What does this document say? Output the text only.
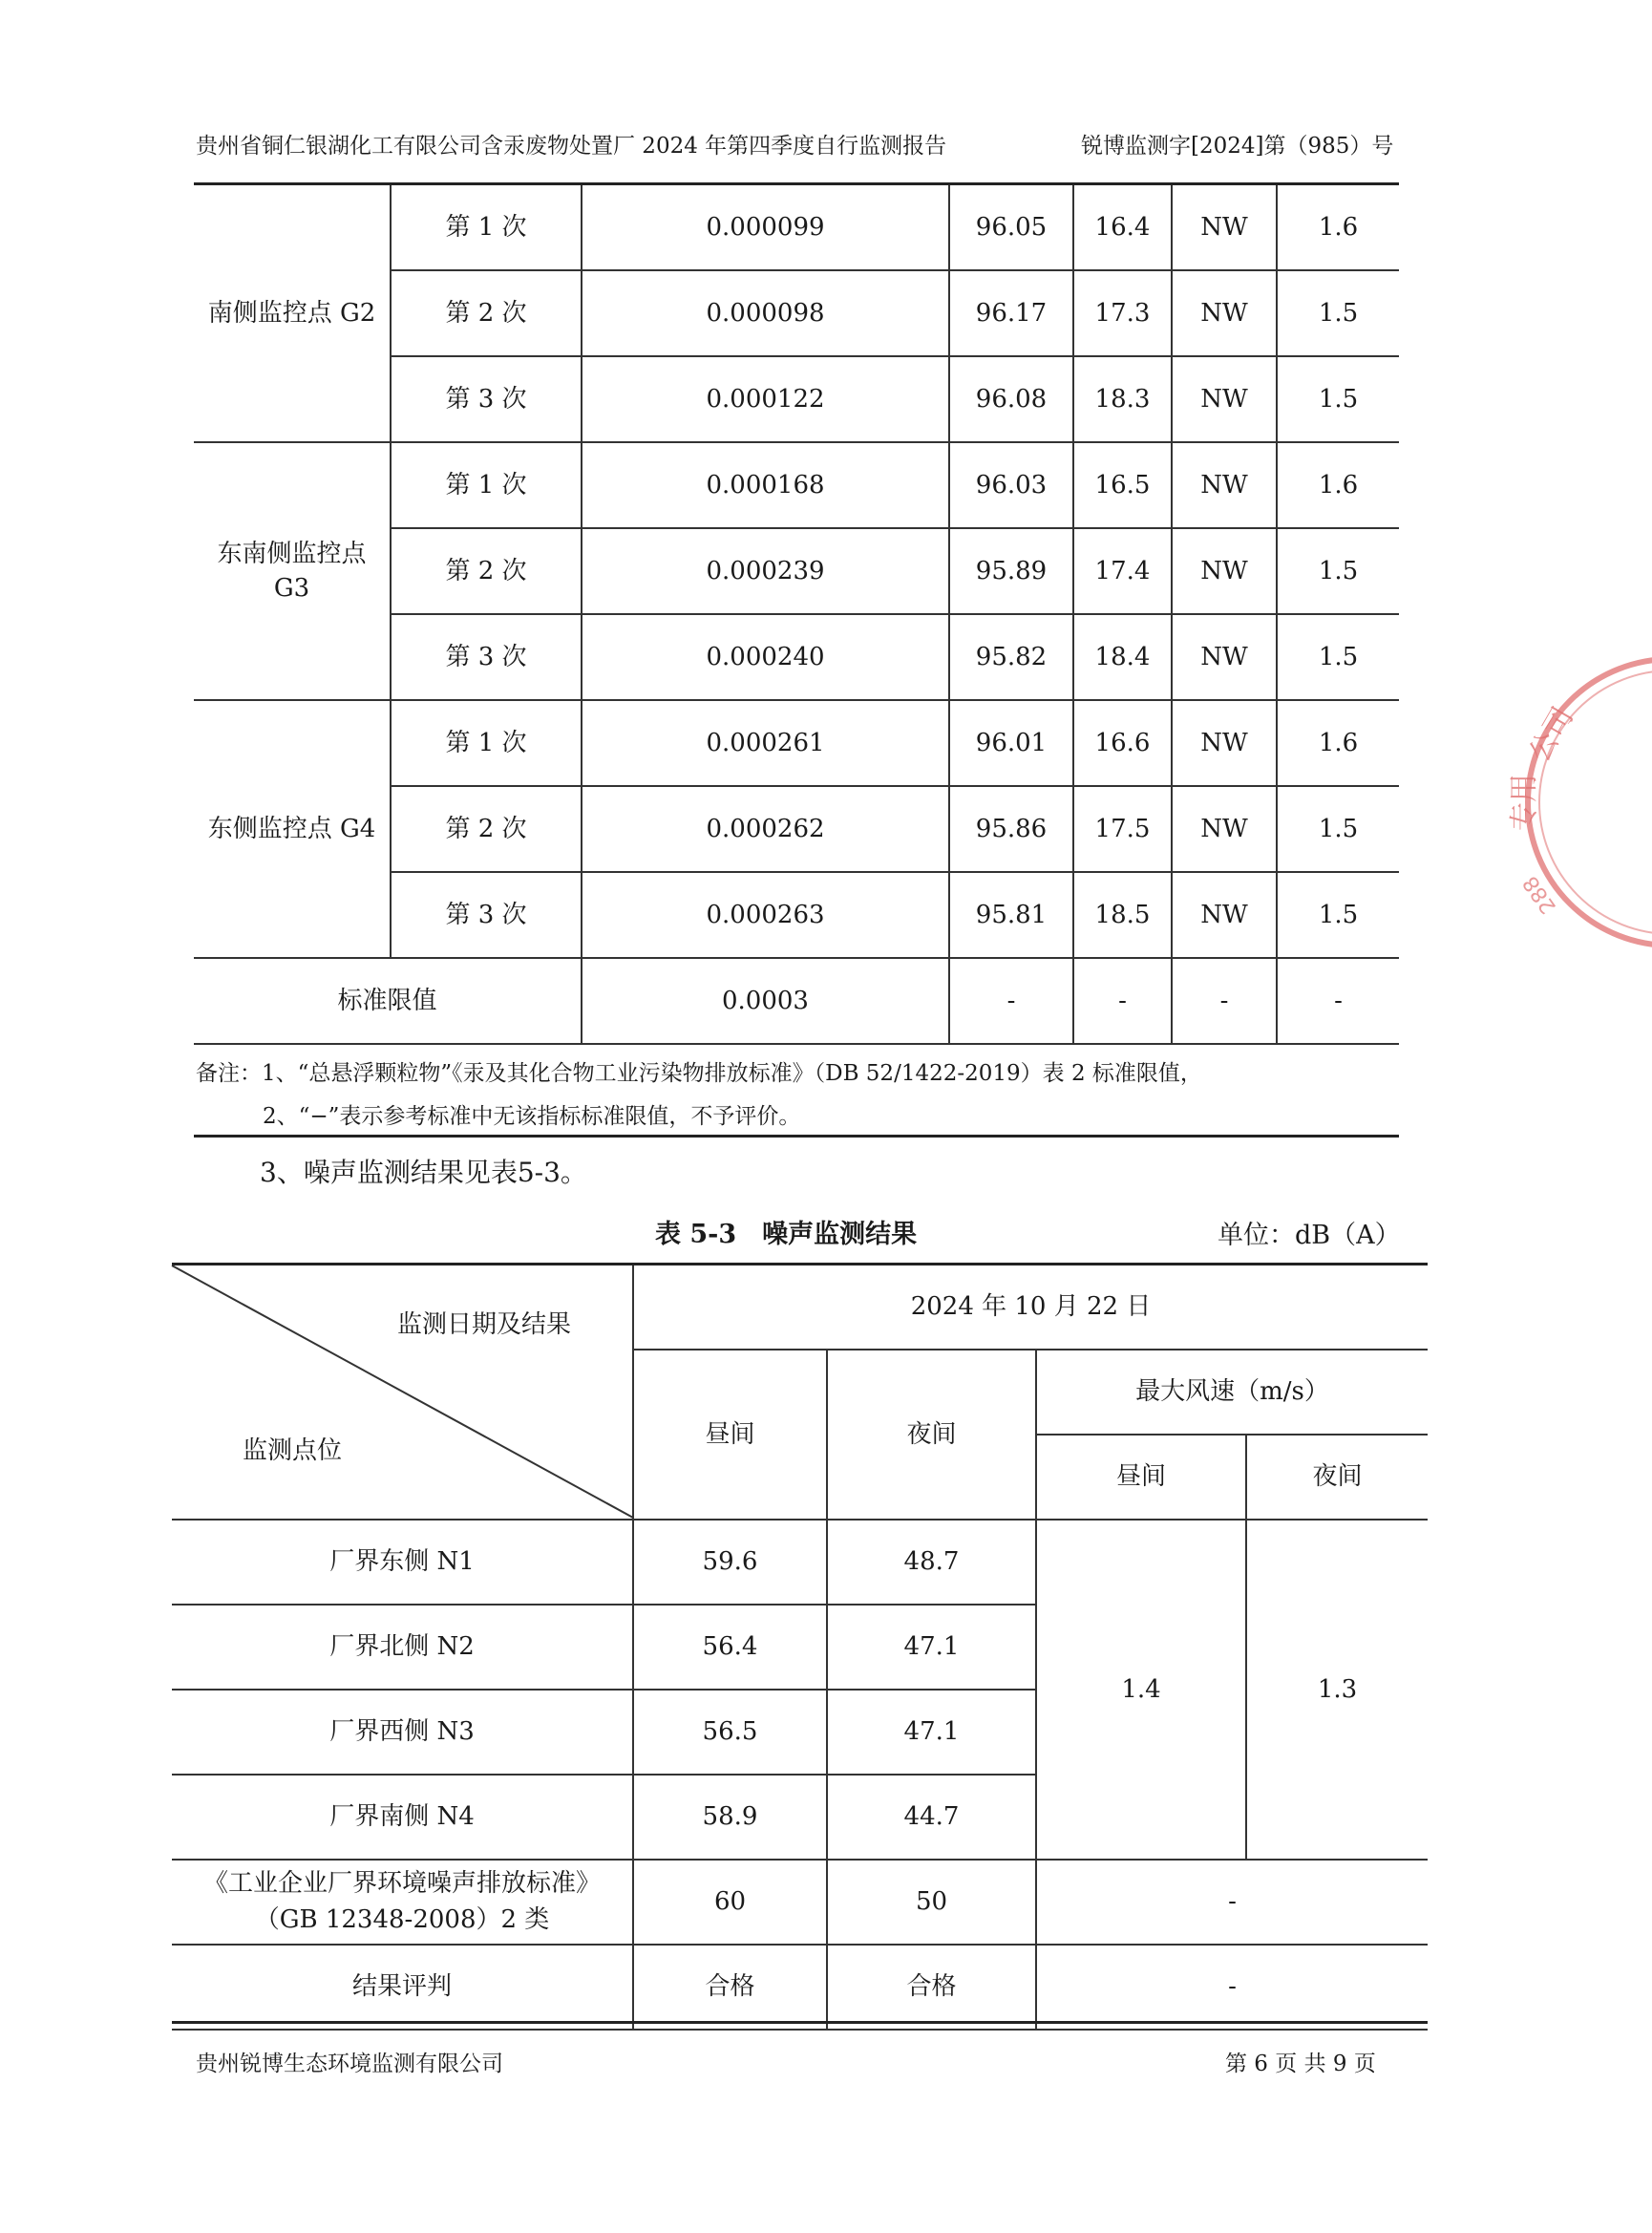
贵州省铜仁银湖化工有限公司含汞废物处置厂 2024 年第四季度自行监测报告	锐博监测字[2024]第（985）号
南侧监控点 G2	第 1 次	0.000099	96.05	16.4	NW	1.6
	第 2 次	0.000098	96.17	17.3	NW	1.5
	第 3 次	0.000122	96.08	18.3	NW	1.5
东南侧监控点 G3	第 1 次	0.000168	96.03	16.5	NW	1.6
	第 2 次	0.000239	95.89	17.4	NW	1.5
	第 3 次	0.000240	95.82	18.4	NW	1.5
东侧监控点 G4	第 1 次	0.000261	96.01	16.6	NW	1.6
	第 2 次	0.000262	95.86	17.5	NW	1.5
	第 3 次	0.000263	95.81	18.5	NW	1.5
标准限值		0.0003	-	-	-	-
备注：1、“总悬浮颗粒物”《汞及其化合物工业污染物排放标准》（DB 52/1422-2019）表 2 标准限值，
2、“−”表示参考标准中无该指标标准限值，不予评价。
3、噪声监测结果见表5-3。
表 5-3　噪声监测结果	单位：dB（A）
监测日期及结果
监测点位	2024 年 10 月 22 日			
	昼间	夜间	最大风速（m/s）	
			昼间	夜间
厂界东侧 N1	59.6	48.7	1.4	1.3
厂界北侧 N2	56.4	47.1		
厂界西侧 N3	56.5	47.1		
厂界南侧 N4	58.9	44.7		
《工业企业厂界环境噪声排放标准》（GB 12348-2008）2 类	60	50	-	
结果评判	合格	合格	-	
贵州锐博生态环境监测有限公司	第 6 页 共 9 页
公司
专用
288
